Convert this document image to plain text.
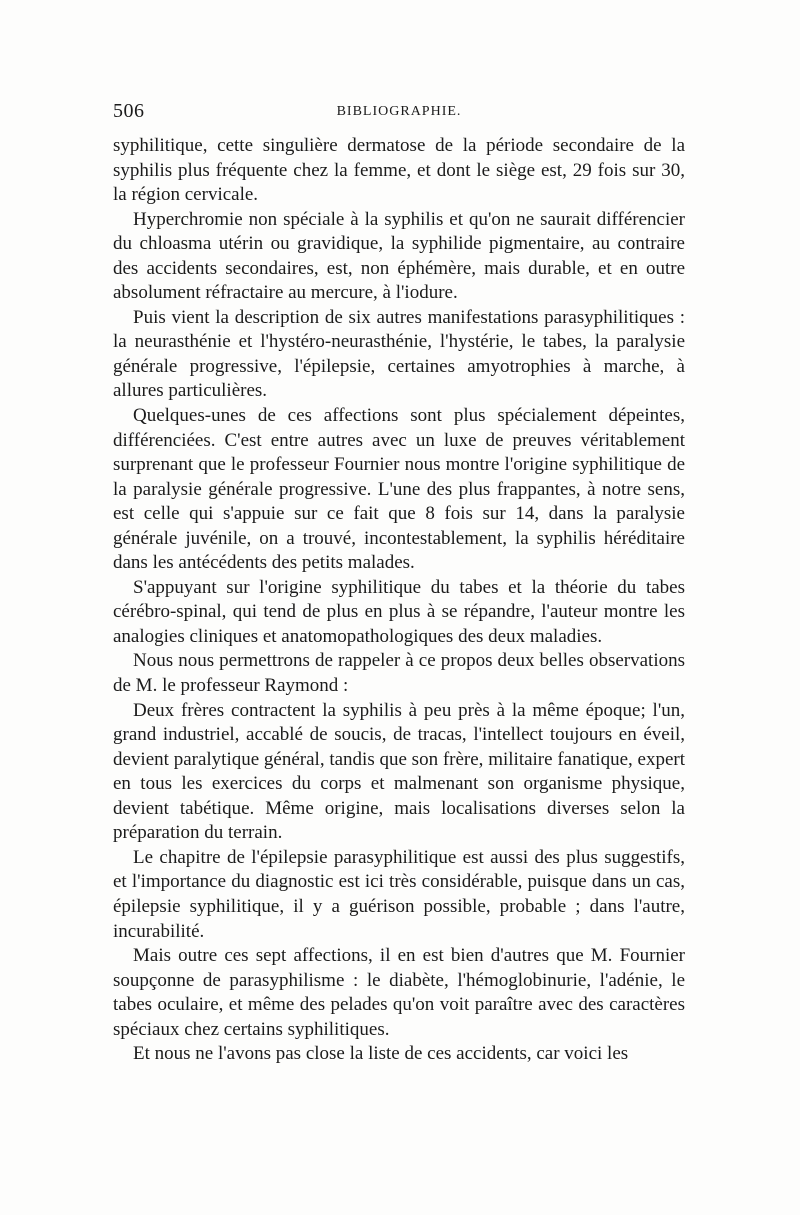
506	BIBLIOGRAPHIE.

syphilitique, cette singulière dermatose de la période secondaire de la syphilis plus fréquente chez la femme, et dont le siège est, 29 fois sur 30, la région cervicale.

Hyperchromie non spéciale à la syphilis et qu'on ne saurait différencier du chloasma utérin ou gravidique, la syphilide pigmentaire, au contraire des accidents secondaires, est, non éphémère, mais durable, et en outre absolument réfractaire au mercure, à l'iodure.

Puis vient la description de six autres manifestations parasyphilitiques : la neurasthénie et l'hystéro-neurasthénie, l'hystérie, le tabes, la paralysie générale progressive, l'épilepsie, certaines amyotrophies à marche, à allures particulières.

Quelques-unes de ces affections sont plus spécialement dépeintes, différenciées. C'est entre autres avec un luxe de preuves véritablement surprenant que le professeur Fournier nous montre l'origine syphilitique de la paralysie générale progressive. L'une des plus frappantes, à notre sens, est celle qui s'appuie sur ce fait que 8 fois sur 14, dans la paralysie générale juvénile, on a trouvé, incontestablement, la syphilis héréditaire dans les antécédents des petits malades.

S'appuyant sur l'origine syphilitique du tabes et la théorie du tabes cérébro-spinal, qui tend de plus en plus à se répandre, l'auteur montre les analogies cliniques et anatomopathologiques des deux maladies.

Nous nous permettrons de rappeler à ce propos deux belles observations de M. le professeur Raymond :

Deux frères contractent la syphilis à peu près à la même époque; l'un, grand industriel, accablé de soucis, de tracas, l'intellect toujours en éveil, devient paralytique général, tandis que son frère, militaire fanatique, expert en tous les exercices du corps et malmenant son organisme physique, devient tabétique. Même origine, mais localisations diverses selon la préparation du terrain.

Le chapitre de l'épilepsie parasyphilitique est aussi des plus suggestifs, et l'importance du diagnostic est ici très considérable, puisque dans un cas, épilepsie syphilitique, il y a guérison possible, probable ; dans l'autre, incurabilité.

Mais outre ces sept affections, il en est bien d'autres que M. Fournier soupçonne de parasyphilisme : le diabète, l'hémoglobinurie, l'adénie, le tabes oculaire, et même des pelades qu'on voit paraître avec des caractères spéciaux chez certains syphilitiques.

Et nous ne l'avons pas close la liste de ces accidents, car voici les
